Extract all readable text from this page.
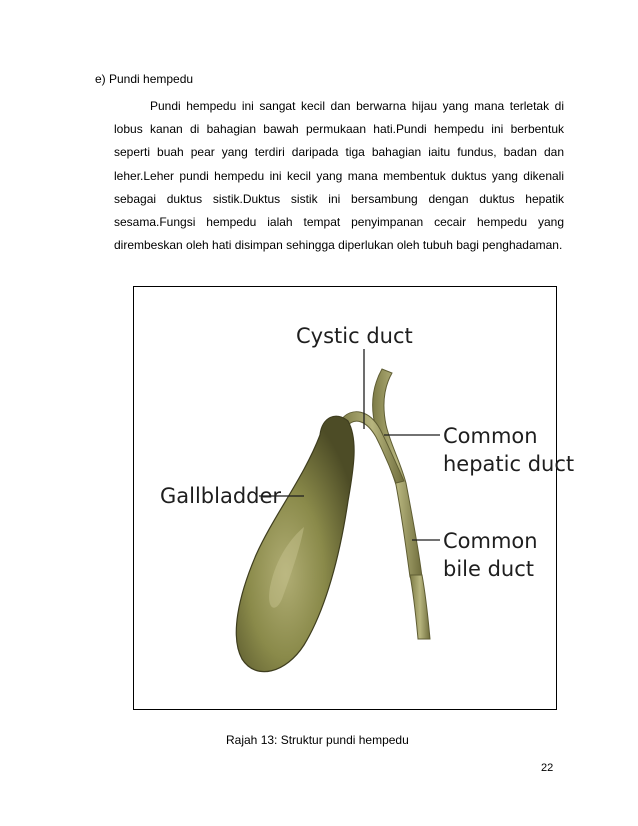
e) Pundi hempedu
Pundi hempedu ini sangat kecil dan berwarna hijau yang mana terletak di lobus kanan di bahagian bawah permukaan hati.Pundi hempedu ini berbentuk seperti buah pear yang terdiri daripada tiga bahagian iaitu fundus, badan dan leher.Leher pundi hempedu ini kecil yang mana membentuk duktus yang dikenali sebagai duktus sistik.Duktus sistik ini bersambung dengan duktus hepatik sesama.Fungsi hempedu ialah tempat penyimpanan cecair hempedu yang dirembeskan oleh hati disimpan sehingga diperlukan oleh tubuh bagi penghadaman.
Cystic duct
Common
hepatic duct
Gallbladder
Common
bile duct
Rajah 13: Struktur pundi hempedu
22
